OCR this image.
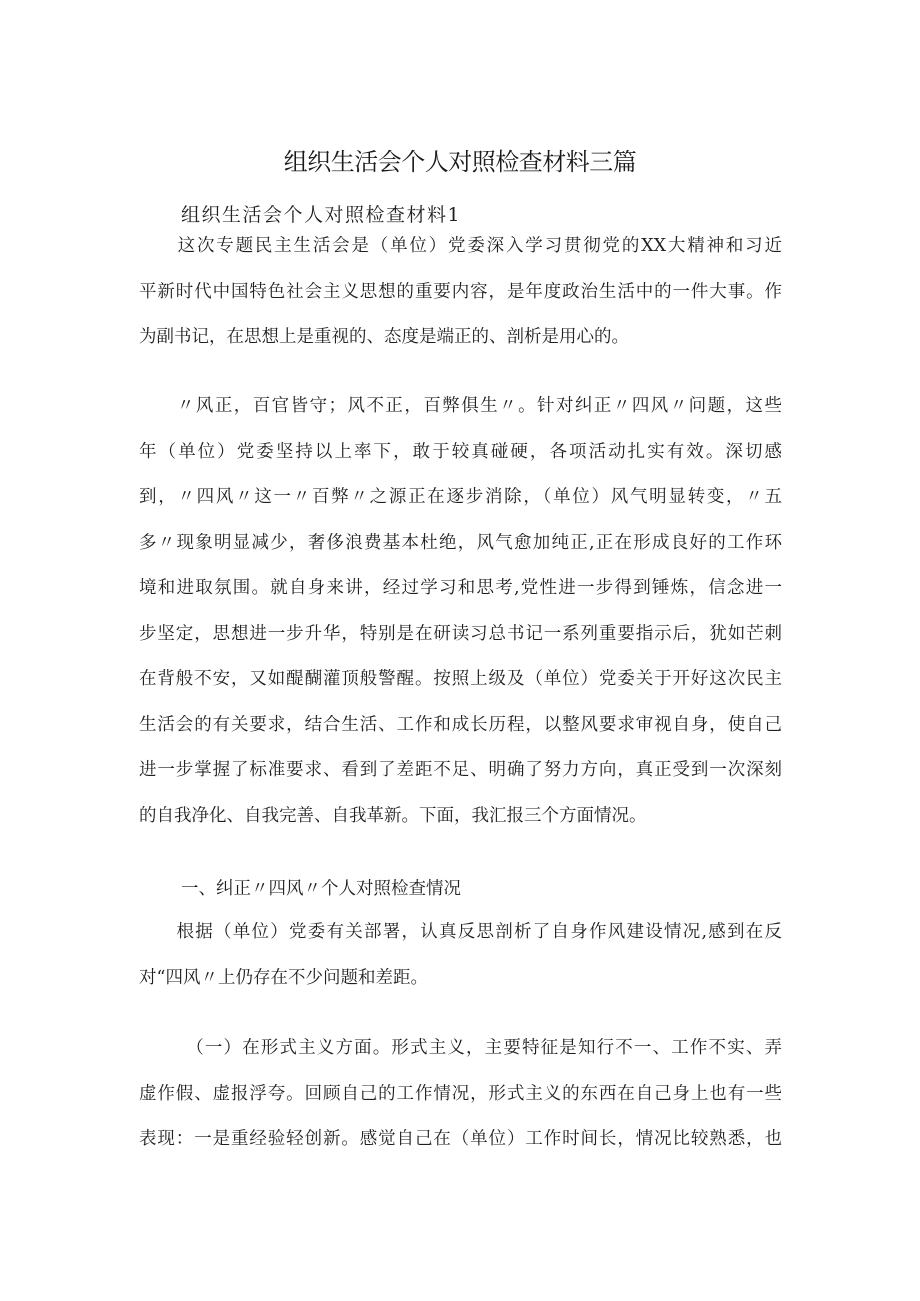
组织生活会个人对照检查材料三篇
组织生活会个人对照检查材料1
　　这次专题民主生活会是（单位）党委深入学习贯彻党的XX大精神和习近
平新时代中国特色社会主义思想的重要内容，是年度政治生活中的一件大事。作
为副书记，在思想上是重视的、态度是端正的、剖析是用心的。
　　〃风正，百官皆守；风不正，百弊俱生〃。针对纠正〃四风〃问题，这些
年（单位）党委坚持以上率下，敢于较真碰硬，各项活动扎实有效。深切感
到，〃四风〃这一〃百弊〃之源正在逐步消除，（单位）风气明显转变，〃五
多〃现象明显减少，奢侈浪费基本杜绝，风气愈加纯正,正在形成良好的工作环
境和进取氛围。就自身来讲，经过学习和思考,党性进一步得到锤炼，信念进一
步坚定，思想进一步升华，特别是在研读习总书记一系列重要指示后，犹如芒刺
在背般不安，又如醍醐灌顶般警醒。按照上级及（单位）党委关于开好这次民主
生活会的有关要求，结合生活、工作和成长历程，以整风要求审视自身，使自己
进一步掌握了标准要求、看到了差距不足、明确了努力方向，真正受到一次深刻
的自我净化、自我完善、自我革新。下面，我汇报三个方面情况。
一、纠正〃四风〃个人对照检查情况
　　根据（单位）党委有关部署，认真反思剖析了自身作风建设情况,感到在反
对“四风〃上仍存在不少问题和差距。
　　　（一）在形式主义方面。形式主义，主要特征是知行不一、工作不实、弄
虚作假、虚报浮夸。回顾自己的工作情况，形式主义的东西在自己身上也有一些
表现：一是重经验轻创新。感觉自己在（单位）工作时间长，情况比较熟悉，也
